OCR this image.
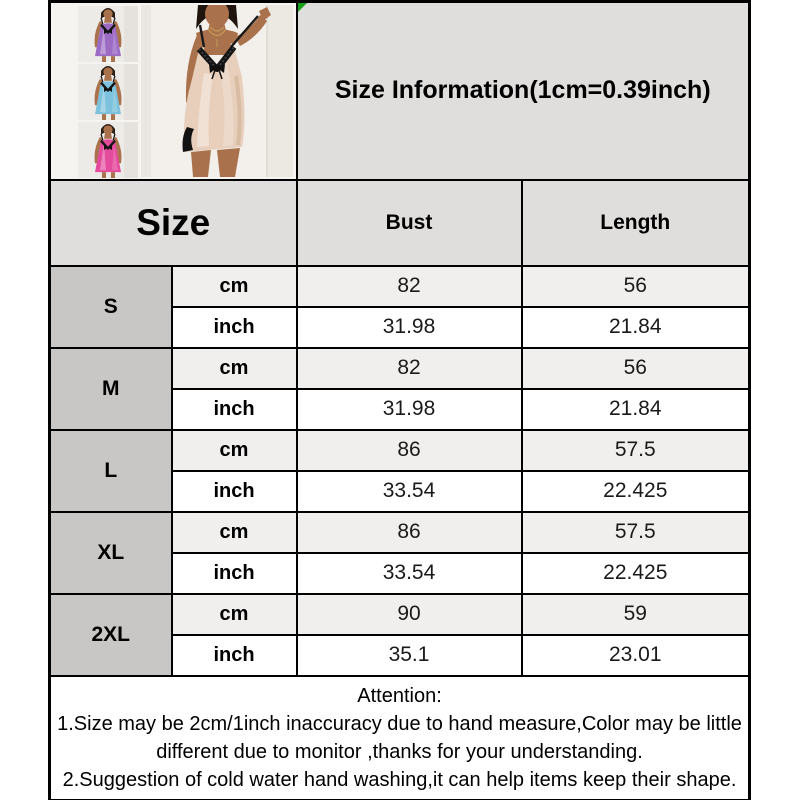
Size Information(1cm=0.39inch)	
Size		Bust	Length
S	cm	82	56
	inch	31.98	21.84
M	cm	82	56
	inch	31.98	21.84
L	cm	86	57.5
	inch	33.54	22.425
XL	cm	86	57.5
	inch	33.54	22.425
2XL	cm	90	59
	inch	35.1	23.01

Attention:
1.Size may be 2cm/1inch inaccuracy due to hand measure,Color may be little different due to monitor ,thanks for your understanding.
2.Suggestion of cold water hand washing,it can help items keep their shape.			
